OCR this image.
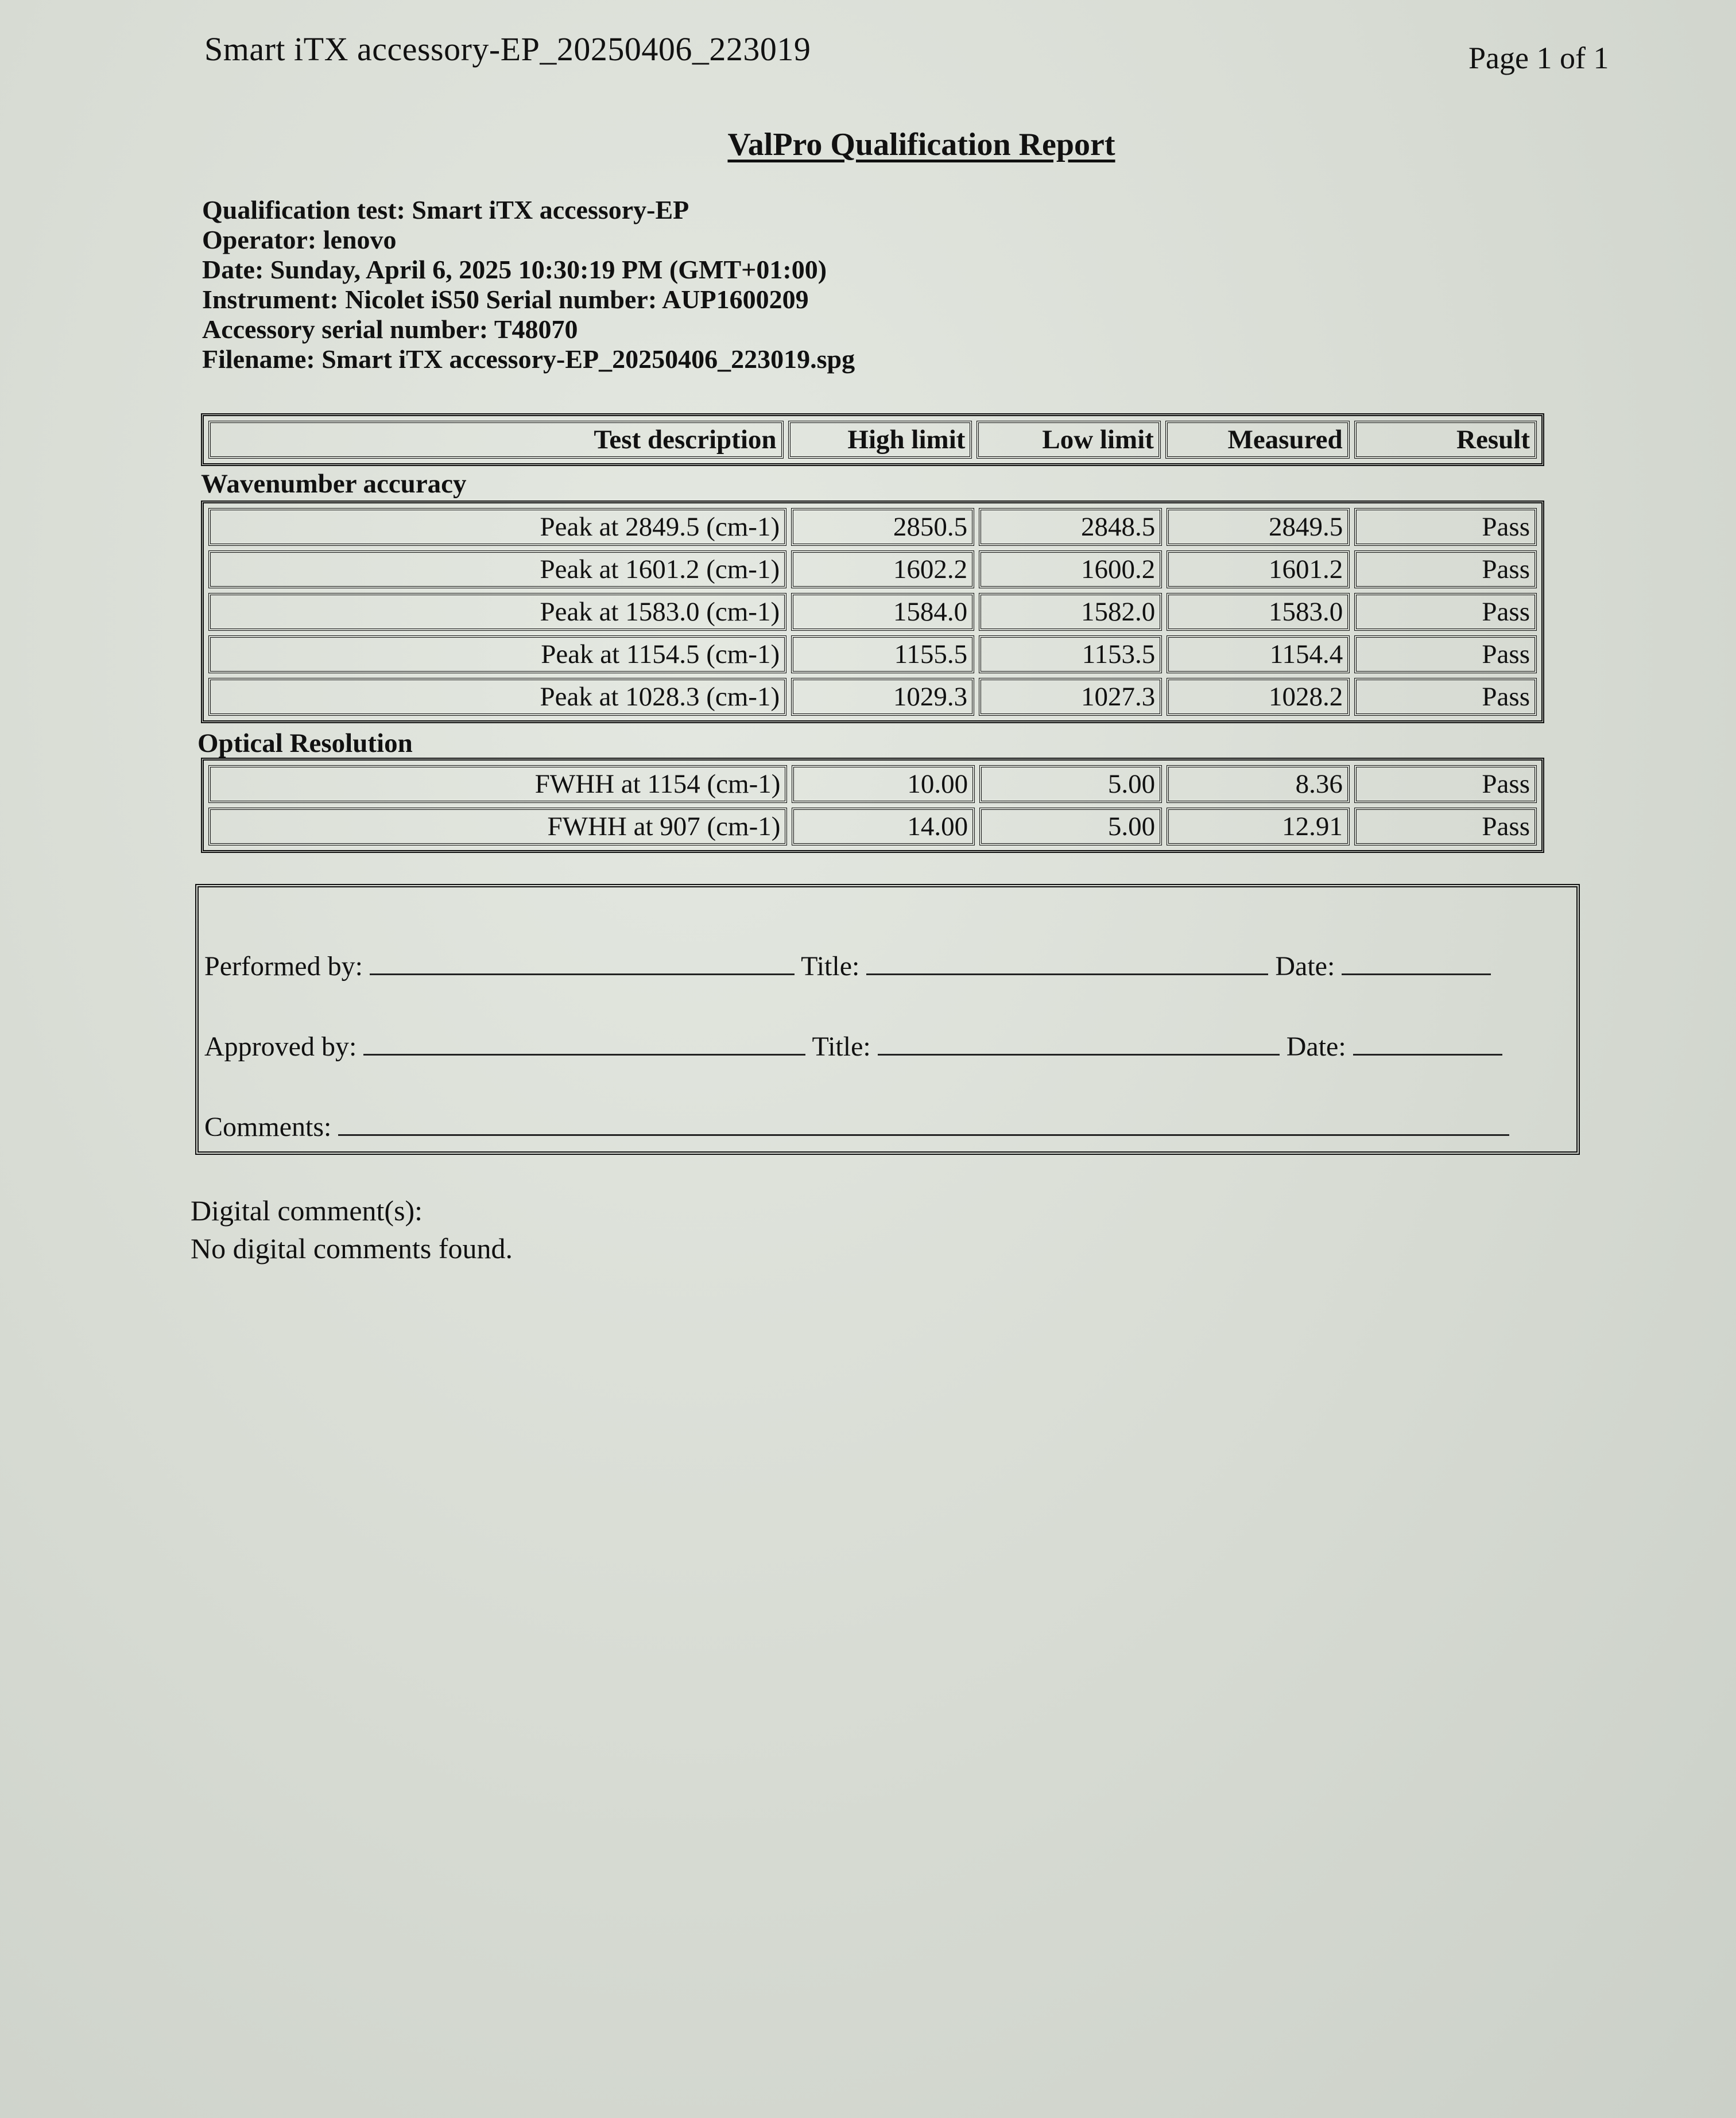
Smart iTX accessory-EP_20250406_223019	Page 1 of 1
ValPro Qualification Report
Qualification test: Smart iTX accessory-EP
Operator: lenovo
Date: Sunday, April 6, 2025 10:30:19 PM (GMT+01:00)
Instrument: Nicolet iS50 Serial number: AUP1600209
Accessory serial number: T48070
Filename: Smart iTX accessory-EP_20250406_223019.spg
Test description	High limit	Low limit	Measured	Result
Wavenumber accuracy
Peak at 2849.5 (cm-1)	2850.5	2848.5	2849.5	Pass
Peak at 1601.2 (cm-1)	1602.2	1600.2	1601.2	Pass
Peak at 1583.0 (cm-1)	1584.0	1582.0	1583.0	Pass
Peak at 1154.5 (cm-1)	1155.5	1153.5	1154.4	Pass
Peak at 1028.3 (cm-1)	1029.3	1027.3	1028.2	Pass
Optical Resolution
FWHH at 1154 (cm-1)	10.00	5.00	8.36	Pass
FWHH at 907 (cm-1)	14.00	5.00	12.91	Pass
Performed by:	Title:	Date:
Approved by:	Title:	Date:
Comments:
Digital comment(s):
No digital comments found.
